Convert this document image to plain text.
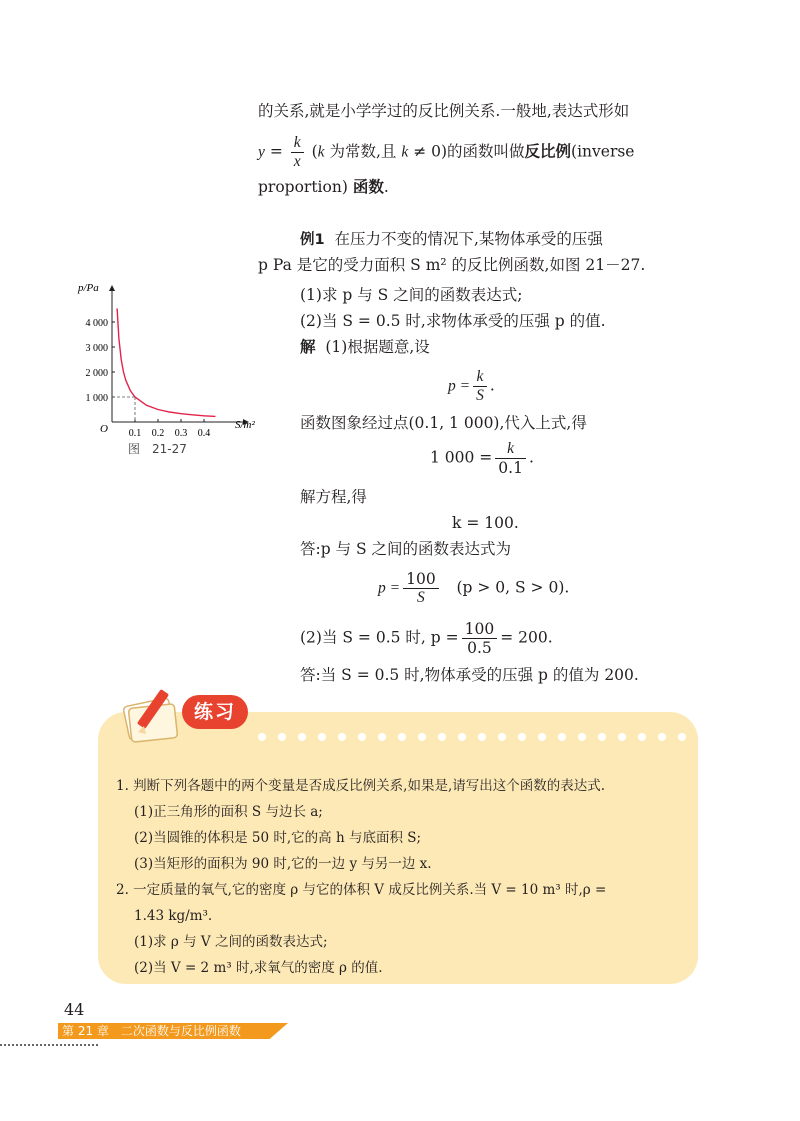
的关系,就是小学学过的反比例关系.一般地,表达式形如
$y = \frac{k}{x} (k$ 为常数,且 k ≠ 0)的函数叫做反比例(inverse
proportion) 函数.
例1 在压力不变的情况下,某物体承受的压强
p Pa 是它的受力面积 S m² 的反比例函数,如图 21－27.
(1)求 p 与 S 之间的函数表达式;
(2)当 S = 0.5 时,求物体承受的压强 p 的值.
解 (1)根据题意,设
$p = \frac{k}{S}$ .
函数图象经过点(0.1, 1 000),代入上式,得
1 $000 = \frac{k}{0.1}$ .
解方程,得
k = 100.
答:p 与 S 之间的函数表达式为
$p = \frac{100}{S} (p > 0$, S > 0).
(2)当 S = 0.5 时, $p = \frac{100}{0.5} = 200$.
答:当 S = 0.5 时,物体承受的压强 p 的值为 200.
p/Pa
S/m²
O
4 000
3 000
2 000
1 000
0.1 0.2 0.3 0.4
图　21-27
1. 判断下列各题中的两个变量是否成反比例关系,如果是,请写出这个函数的表达式.
(1)正三角形的面积 S 与边长 a;
(2)当圆锥的体积是 50 时,它的高 h 与底面积 S;
(3)当矩形的面积为 90 时,它的一边 y 与另一边 x.
2. 一定质量的氧气,它的密度 ρ 与它的体积 V 成反比例关系.当 V = 10 m³ 时,ρ =
1.43 kg/m³.
(1)求 ρ 与 V 之间的函数表达式;
(2)当 V = 2 m³ 时,求氧气的密度 ρ 的值.
练习
44
第 21 章　二次函数与反比例函数
